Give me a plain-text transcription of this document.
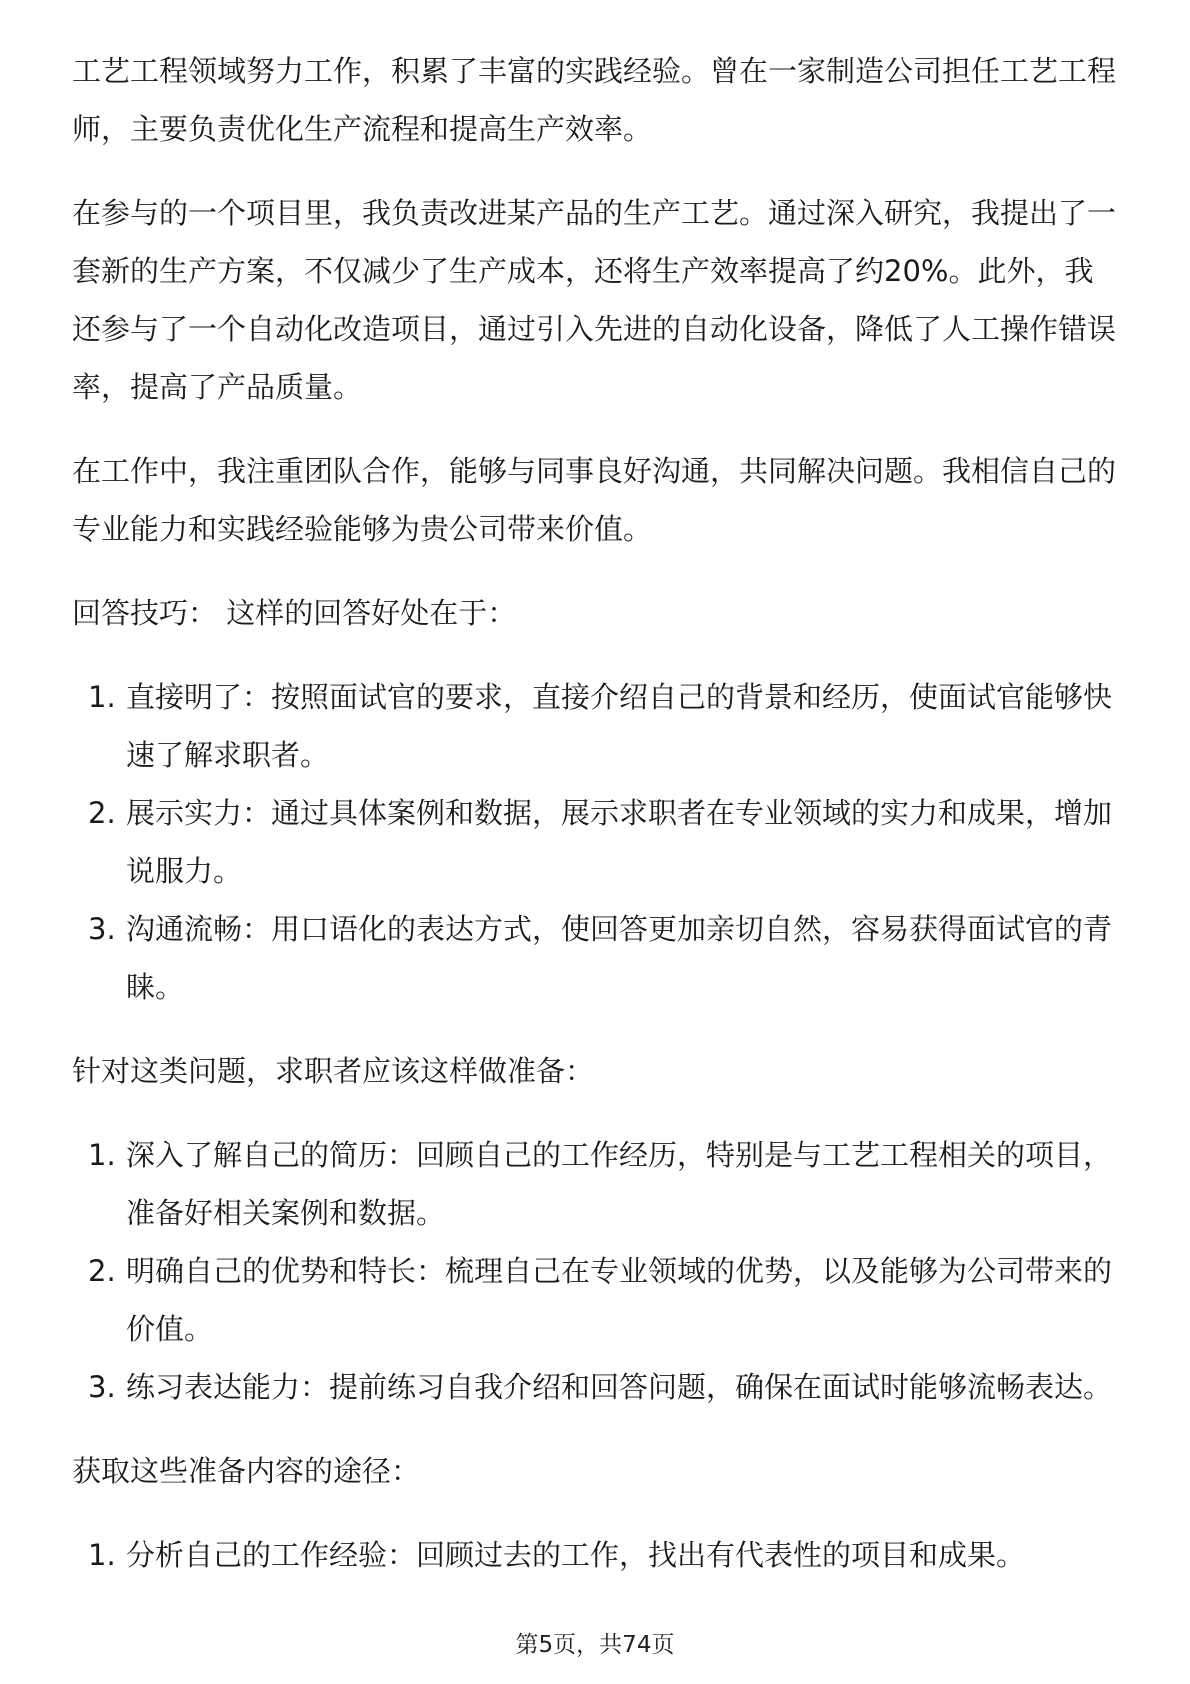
工艺工程领域努力工作，积累了丰富的实践经验。曾在一家制造公司担任工艺工程师，主要负责优化生产流程和提高生产效率。

在参与的一个项目里，我负责改进某产品的生产工艺。通过深入研究，我提出了一套新的生产方案，不仅减少了生产成本，还将生产效率提高了约20%。此外，我还参与了一个自动化改造项目，通过引入先进的自动化设备，降低了人工操作错误率，提高了产品质量。

在工作中，我注重团队合作，能够与同事良好沟通，共同解决问题。我相信自己的专业能力和实践经验能够为贵公司带来价值。

回答技巧： 这样的回答好处在于：

1. 直接明了：按照面试官的要求，直接介绍自己的背景和经历，使面试官能够快速了解求职者。
2. 展示实力：通过具体案例和数据，展示求职者在专业领域的实力和成果，增加说服力。
3. 沟通流畅：用口语化的表达方式，使回答更加亲切自然，容易获得面试官的青睐。

针对这类问题，求职者应该这样做准备：

1. 深入了解自己的简历：回顾自己的工作经历，特别是与工艺工程相关的项目，准备好相关案例和数据。
2. 明确自己的优势和特长：梳理自己在专业领域的优势，以及能够为公司带来的价值。
3. 练习表达能力：提前练习自我介绍和回答问题，确保在面试时能够流畅表达。

获取这些准备内容的途径：

1. 分析自己的工作经验：回顾过去的工作，找出有代表性的项目和成果。
第5页，共74页
